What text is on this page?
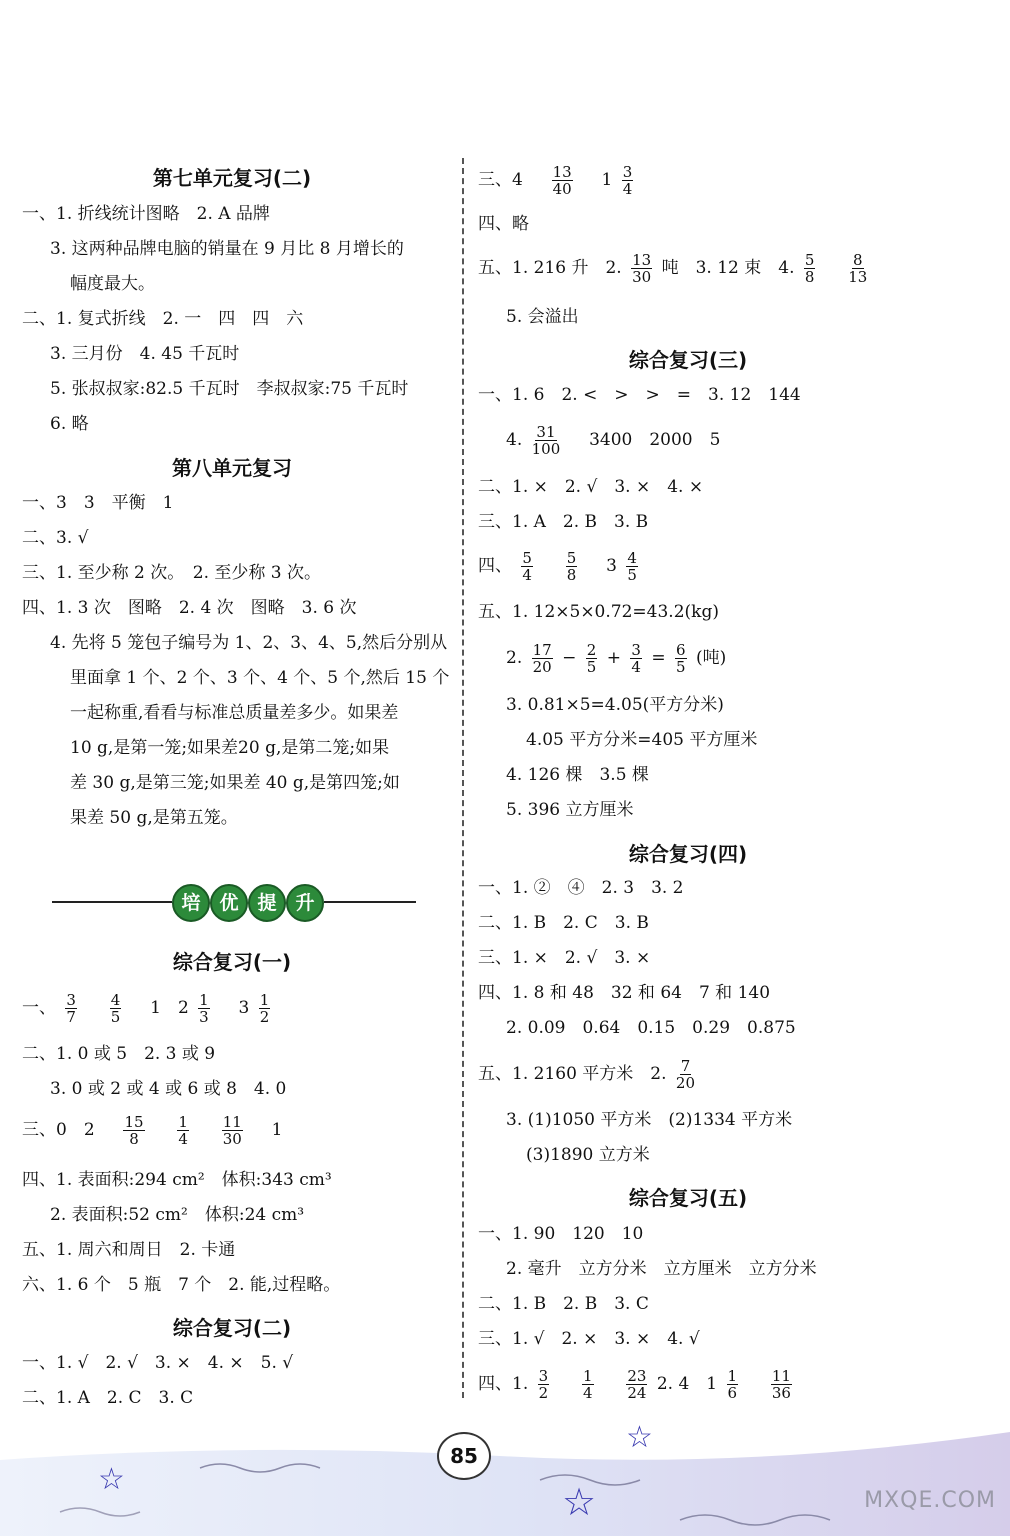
第七单元复习(二)
一、1. 折线统计图略　2. A 品牌
3. 这两种品牌电脑的销量在 9 月比 8 月增长的
幅度最大。
二、1. 复式折线　2. 一　四　四　六
3. 三月份　4. 45 千瓦时
5. 张叔叔家:82.5 千瓦时　李叔叔家:75 千瓦时
6. 略
第八单元复习
一、3　3　平衡　1
二、3. √
三、1. 至少称 2 次。　2. 至少称 3 次。
四、1. 3 次　图略　2. 4 次　图略　3. 6 次
4. 先将 5 笼包子编号为 1、2、3、4、5,然后分别从
里面拿 1 个、2 个、3 个、4 个、5 个,然后 15 个
一起称重,看看与标准总质量差多少。如果差
10 g,是第一笼;如果差20 g,是第二笼;如果
差 30 g,是第三笼;如果差 40 g,是第四笼;如
果差 50 g,是第五笼。
培 优 提 升
综合复习(一)
一、 $\frac{3}{7}$
$\frac{4}{5} 1$　$2 \frac{1}{3} 3 \frac{1}{2}$
二、1. 0 或 5　2. 3 或 9
3. 0 或 2 或 4 或 6 或 8　4. 0
三、0　$2 \frac{15}{8}$
$\frac{1}{4}$
$\frac{11}{30} 1$
四、1. 表面积:294 cm²　体积:343 cm³
2. 表面积:52 cm²　体积:24 cm³
五、1. 周六和周日　2. 卡通
六、1. 6 个　5 瓶　7 个　2. 能,过程略。
综合复习(二)
一、1. √　2. √　3. ×　4. ×　5. √
二、1. A　2. C　3. C
三、$4 \frac{13}{40} 1 \frac{3}{4}$
四、略
五、1. 216 升　2. $\frac{13}{30}$ 吨　3. 12 束　4. $\frac{5}{8}$
$\frac{8}{13}$
5. 会溢出
综合复习(三)
一、1. 6　2. <　>　>　=　3. 12　144
4. $\frac{31}{100} 3400$　2000　5
二、1. ×　2. √　3. ×　4. ×
三、1. A　2. B　3. B
四、 $\frac{5}{4}$
$\frac{5}{8} 3 \frac{4}{5}$
五、1. 12×5×0.72=43.2(kg)
2. $\frac{17}{20} - \frac{2}{5} + \frac{3}{4} = \frac{6}{5}$ (吨)
3. 0.81×5=4.05(平方分米)
4.05 平方分米=405 平方厘米
4. 126 棵　3.5 棵
5. 396 立方厘米
综合复习(四)
一、1. ②　④　2. 3　3. 2
二、1. B　2. C　3. B
三、1. ×　2. √　3. ×
四、1. 8 和 48　32 和 64　7 和 140
2. 0.09　0.64　0.15　0.29　0.875
五、1. 2160 平方米　2. $\frac{7}{20}$
3. (1)1050 平方米　(2)1334 平方米
(3)1890 立方米
综合复习(五)
一、1. 90　120　10
2. 毫升　立方分米　立方厘米　立方分米
二、1. B　2. B　3. C
三、1. √　2. ×　3. ×　4. √
四、1. $\frac{3}{2}$
$\frac{1}{4}$
$\frac{23}{24} 2$. 4　$1 \frac{1}{6}$
$\frac{11}{36}$
☆
☆
☆
85
MXQE.COM
